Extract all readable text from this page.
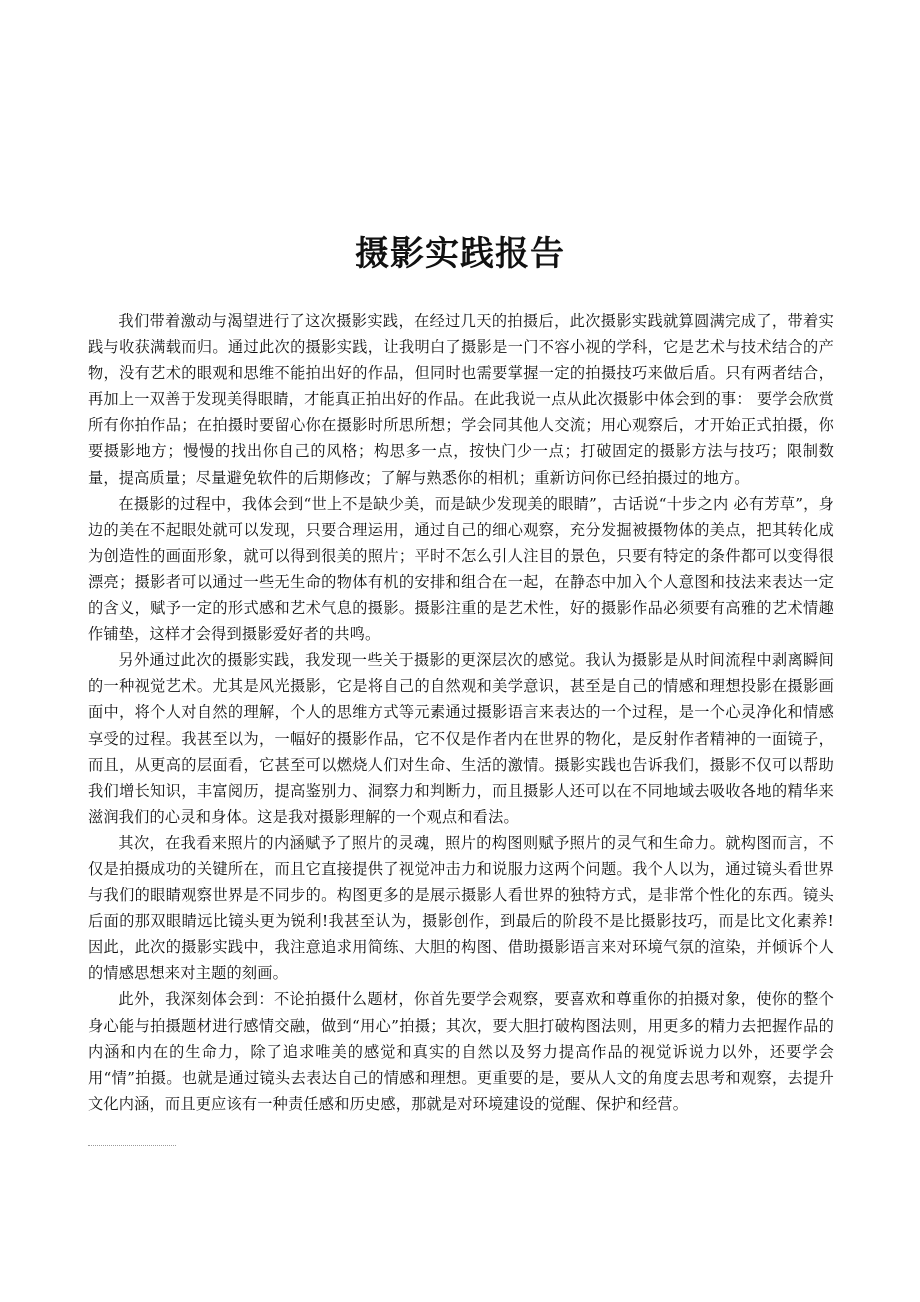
摄影实践报告

我们带着激动与渴望进行了这次摄影实践，在经过几天的拍摄后，此次摄影实践就算圆满完成了，带着实践与收获满载而归。通过此次的摄影实践，让我明白了摄影是一门不容小视的学科，它是艺术与技术结合的产物，没有艺术的眼观和思维不能拍出好的作品，但同时也需要掌握一定的拍摄技巧来做后盾。只有两者结合，再加上一双善于发现美得眼睛，才能真正拍出好的作品。在此我说一点从此次摄影中体会到的事： 要学会欣赏所有你拍作品；在拍摄时要留心你在摄影时所思所想；学会同其他人交流；用心观察后，才开始正式拍摄，你要摄影地方；慢慢的找出你自己的风格；构思多一点，按快门少一点；打破固定的摄影方法与技巧；限制数量，提高质量；尽量避免软件的后期修改；了解与熟悉你的相机；重新访问你已经拍摄过的地方。

在摄影的过程中，我体会到“世上不是缺少美，而是缺少发现美的眼睛”，古话说“十步之内 必有芳草”，身边的美在不起眼处就可以发现，只要合理运用，通过自己的细心观察，充分发掘被摄物体的美点，把其转化成为创造性的画面形象，就可以得到很美的照片；平时不怎么引人注目的景色，只要有特定的条件都可以变得很漂亮；摄影者可以通过一些无生命的物体有机的安排和组合在一起，在静态中加入个人意图和技法来表达一定的含义，赋予一定的形式感和艺术气息的摄影。摄影注重的是艺术性，好的摄影作品必须要有高雅的艺术情趣作铺垫，这样才会得到摄影爱好者的共鸣。

另外通过此次的摄影实践，我发现一些关于摄影的更深层次的感觉。我认为摄影是从时间流程中剥离瞬间的一种视觉艺术。尤其是风光摄影，它是将自己的自然观和美学意识，甚至是自己的情感和理想投影在摄影画面中，将个人对自然的理解，个人的思维方式等元素通过摄影语言来表达的一个过程，是一个心灵净化和情感享受的过程。我甚至以为，一幅好的摄影作品，它不仅是作者内在世界的物化，是反射作者精神的一面镜子，而且，从更高的层面看，它甚至可以燃烧人们对生命、生活的激情。摄影实践也告诉我们，摄影不仅可以帮助我们增长知识，丰富阅历，提高鉴别力、洞察力和判断力，而且摄影人还可以在不同地域去吸收各地的精华来滋润我们的心灵和身体。这是我对摄影理解的一个观点和看法。

其次，在我看来照片的内涵赋予了照片的灵魂，照片的构图则赋予照片的灵气和生命力。就构图而言，不仅是拍摄成功的关键所在，而且它直接提供了视觉冲击力和说服力这两个问题。我个人以为，通过镜头看世界与我们的眼睛观察世界是不同步的。构图更多的是展示摄影人看世界的独特方式，是非常个性化的东西。镜头后面的那双眼睛远比镜头更为锐利!我甚至认为，摄影创作，到最后的阶段不是比摄影技巧，而是比文化素养!因此，此次的摄影实践中，我注意追求用简练、大胆的构图、借助摄影语言来对环境气氛的渲染，并倾诉个人的情感思想来对主题的刻画。

此外，我深刻体会到：不论拍摄什么题材，你首先要学会观察，要喜欢和尊重你的拍摄对象，使你的整个身心能与拍摄题材进行感情交融，做到“用心”拍摄；其次，要大胆打破构图法则，用更多的精力去把握作品的内涵和内在的生命力，除了追求唯美的感觉和真实的自然以及努力提高作品的视觉诉说力以外，还要学会用“情”拍摄。也就是通过镜头去表达自己的情感和理想。更重要的是，要从人文的角度去思考和观察，去提升文化内涵，而且更应该有一种责任感和历史感，那就是对环境建设的觉醒、保护和经营。
